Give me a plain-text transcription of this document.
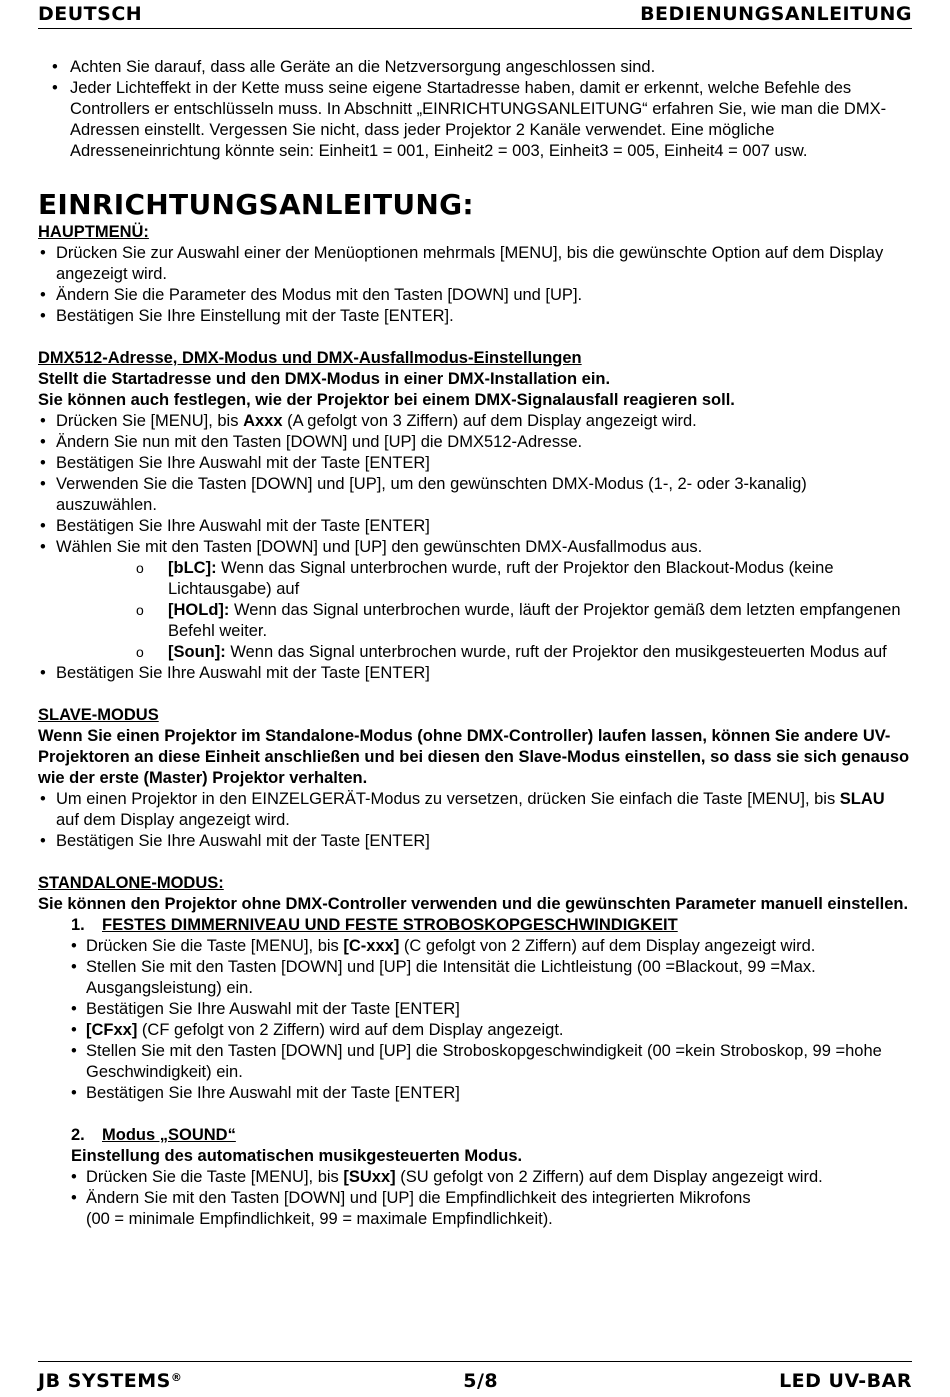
DEUTSCH	BEDIENUNGSANLEITUNG
• Achten Sie darauf, dass alle Geräte an die Netzversorgung angeschlossen sind.
• Jeder Lichteffekt in der Kette muss seine eigene Startadresse haben, damit er erkennt, welche Befehle des Controllers er entschlüsseln muss. In Abschnitt „EINRICHTUNGSANLEITUNG“ erfahren Sie, wie man die DMX-Adressen einstellt. Vergessen Sie nicht, dass jeder Projektor 2 Kanäle verwendet. Eine mögliche Adresseneinrichtung könnte sein: Einheit1 = 001, Einheit2 = 003, Einheit3 = 005, Einheit4 = 007 usw.
EINRICHTUNGSANLEITUNG:
HAUPTMENÜ:
• Drücken Sie zur Auswahl einer der Menüoptionen mehrmals [MENU], bis die gewünschte Option auf dem Display angezeigt wird.
• Ändern Sie die Parameter des Modus mit den Tasten [DOWN] und [UP].
• Bestätigen Sie Ihre Einstellung mit der Taste [ENTER].
DMX512-Adresse, DMX-Modus und DMX-Ausfallmodus-Einstellungen
Stellt die Startadresse und den DMX-Modus in einer DMX-Installation ein.
Sie können auch festlegen, wie der Projektor bei einem DMX-Signalausfall reagieren soll.
• Drücken Sie [MENU], bis Axxx (A gefolgt von 3 Ziffern) auf dem Display angezeigt wird.
• Ändern Sie nun mit den Tasten [DOWN] und [UP] die DMX512-Adresse.
• Bestätigen Sie Ihre Auswahl mit der Taste [ENTER]
• Verwenden Sie die Tasten [DOWN] und [UP], um den gewünschten DMX-Modus (1-, 2- oder 3-kanalig) auszuwählen.
• Bestätigen Sie Ihre Auswahl mit der Taste [ENTER]
• Wählen Sie mit den Tasten [DOWN] und [UP] den gewünschten DMX-Ausfallmodus aus.
o [bLC]: Wenn das Signal unterbrochen wurde, ruft der Projektor den Blackout-Modus (keine Lichtausgabe) auf
o [HOLd]: Wenn das Signal unterbrochen wurde, läuft der Projektor gemäß dem letzten empfangenen Befehl weiter.
o [Soun]: Wenn das Signal unterbrochen wurde, ruft der Projektor den musikgesteuerten Modus auf
• Bestätigen Sie Ihre Auswahl mit der Taste [ENTER]
SLAVE-MODUS
Wenn Sie einen Projektor im Standalone-Modus (ohne DMX-Controller) laufen lassen, können Sie andere UV-Projektoren an diese Einheit anschließen und bei diesen den Slave-Modus einstellen, so dass sie sich genauso wie der erste (Master) Projektor verhalten.
• Um einen Projektor in den EINZELGERÄT-Modus zu versetzen, drücken Sie einfach die Taste [MENU], bis SLAU auf dem Display angezeigt wird.
• Bestätigen Sie Ihre Auswahl mit der Taste [ENTER]
STANDALONE-MODUS:
Sie können den Projektor ohne DMX-Controller verwenden und die gewünschten Parameter manuell einstellen.
1. FESTES DIMMERNIVEAU UND FESTE STROBOSKOPGESCHWINDIGKEIT
• Drücken Sie die Taste [MENU], bis [C-xxx] (C gefolgt von 2 Ziffern) auf dem Display angezeigt wird.
• Stellen Sie mit den Tasten [DOWN] und [UP] die Intensität die Lichtleistung (00 =Blackout, 99 =Max. Ausgangsleistung) ein.
• Bestätigen Sie Ihre Auswahl mit der Taste [ENTER]
• [CFxx] (CF gefolgt von 2 Ziffern) wird auf dem Display angezeigt.
• Stellen Sie mit den Tasten [DOWN] und [UP] die Stroboskopgeschwindigkeit (00 =kein Stroboskop, 99 =hohe Geschwindigkeit) ein.
• Bestätigen Sie Ihre Auswahl mit der Taste [ENTER]
2. Modus „SOUND“
Einstellung des automatischen musikgesteuerten Modus.
• Drücken Sie die Taste [MENU], bis [SUxx] (SU gefolgt von 2 Ziffern) auf dem Display angezeigt wird.
• Ändern Sie mit den Tasten [DOWN] und [UP] die Empfindlichkeit des integrierten Mikrofons
(00 = minimale Empfindlichkeit, 99 = maximale Empfindlichkeit).
JB SYSTEMS®	5/8	LED UV-BAR
